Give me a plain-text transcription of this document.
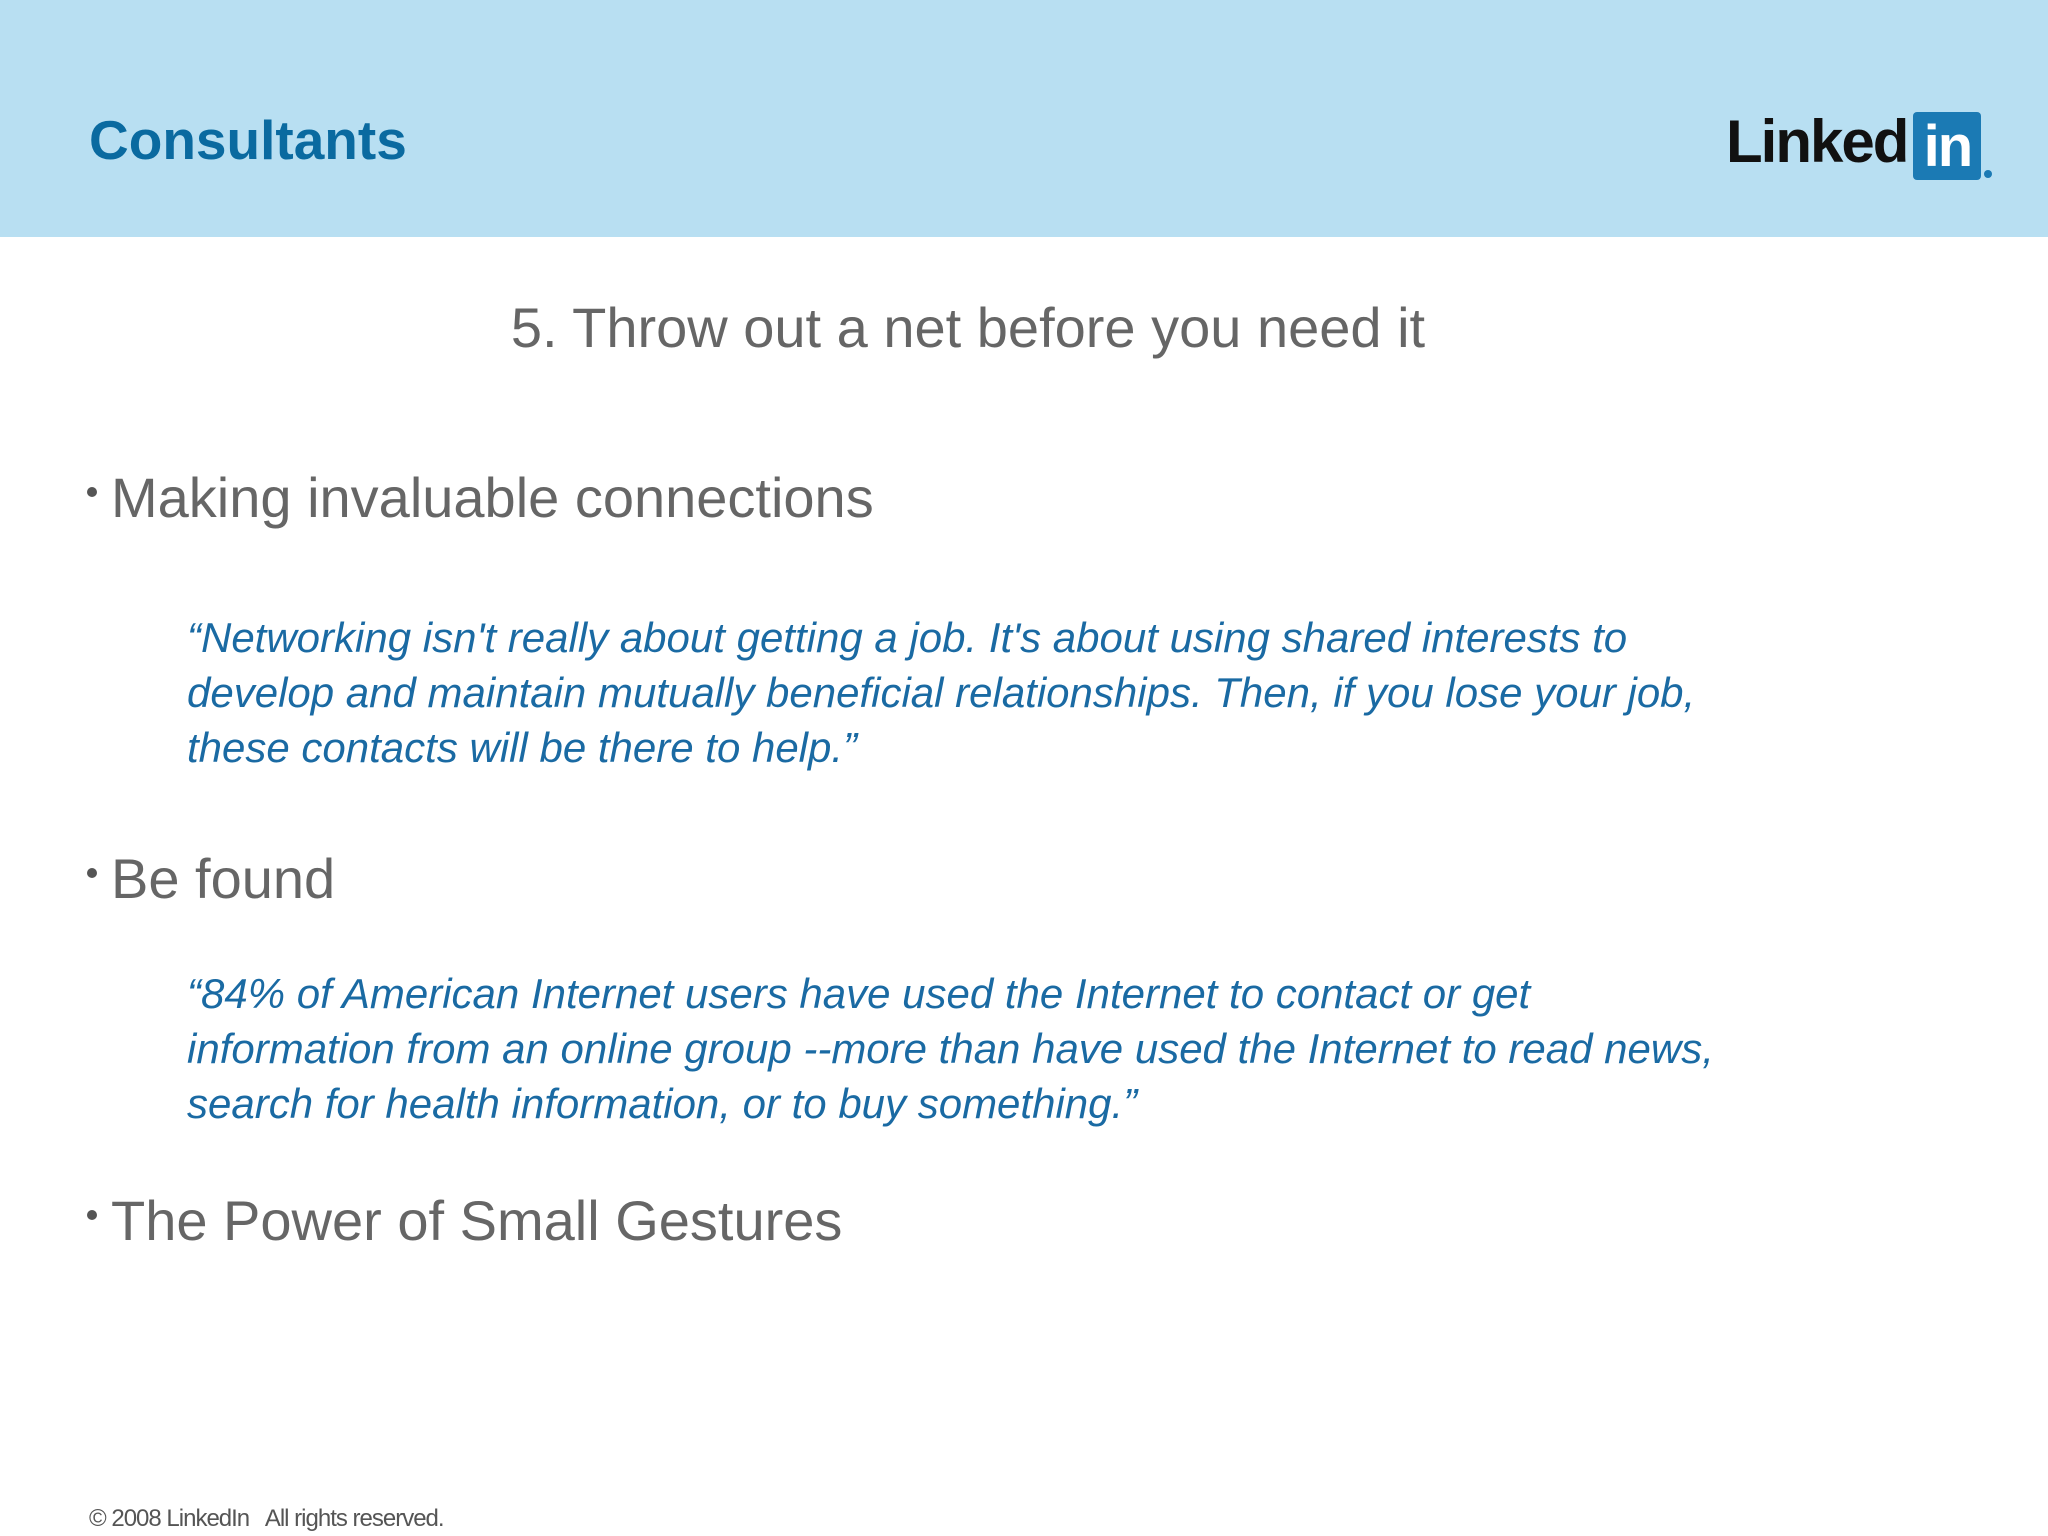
Consultants	Linked in
5. Throw out a net before you need it
Making invaluable connections
“Networking isn't really about getting a job. It's about using shared interests to
develop and maintain mutually beneficial relationships. Then, if you lose your job,
these contacts will be there to help.”
Be found
“84% of American Internet users have used the Internet to contact or get
information from an online group --more than have used the Internet to read news,
search for health information, or to buy something.”
The Power of Small Gestures
© 2008 LinkedIn   All rights reserved.
